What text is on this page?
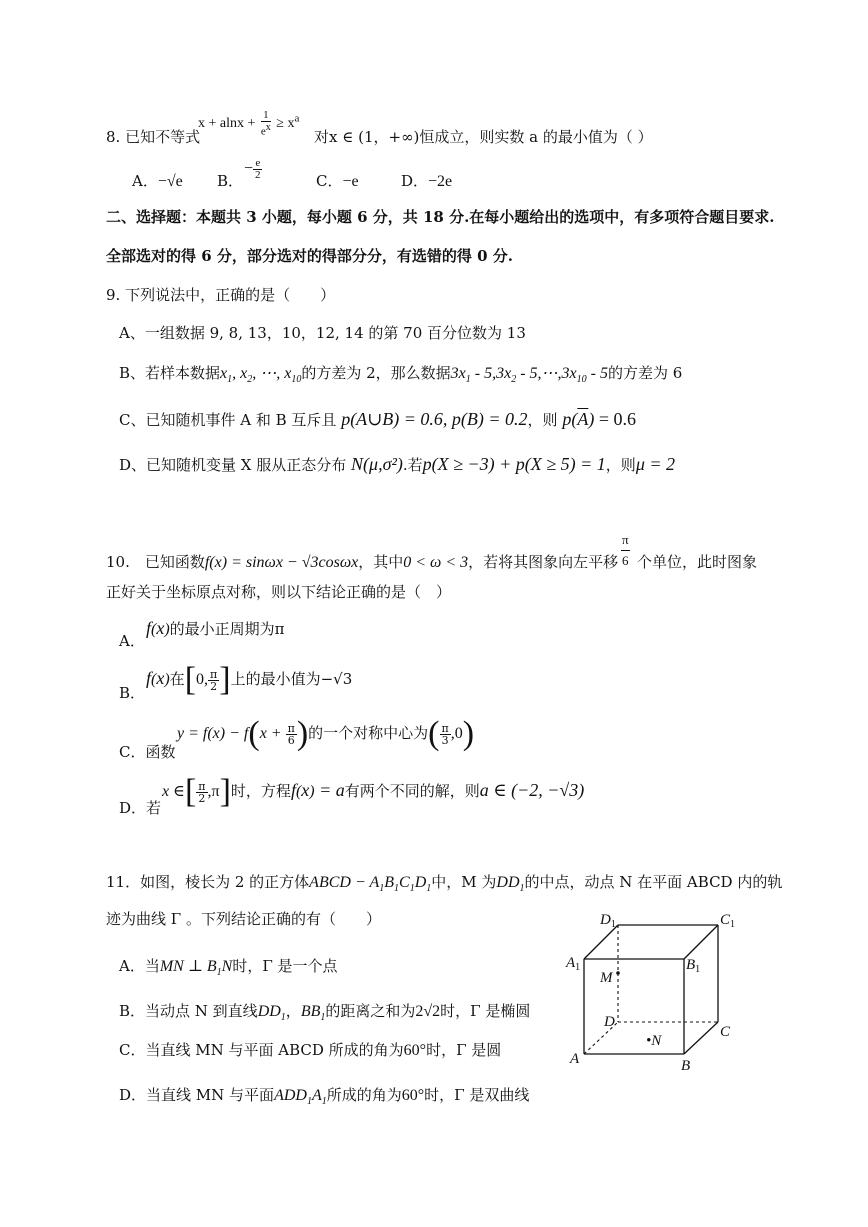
8. 已知不等式
$x + alnx + \frac{1}{e^x} \ge x^a$
对x ∈ (1，+∞)恒成立，则实数 a 的最小值为（ ）
A．−√e B．
− $\frac{e}{2}$	C．−e	D．−2e
二、选择题：本题共 3 小题，每小题 6 分，共 18 分.在每小题给出的选项中，有多项符合题目要求.
全部选对的得 6 分，部分选对的得部分分，有选错的得 0 分.
9. 下列说法中，正确的是（　　）
A、一组数据 9, 8, 13，10，12, 14 的第 70 百分位数为 13
B、若样本数据$x_1$, $x_2$, ⋯, $x_{10}$的方差为 2，那么数据$3x_1 - 5,3x_2$ - $5,\cdots,3x_{10} - 5$的方差为 6
C、已知随机事件 A 和 B 互斥且 p(A∪B) = 0.6, p(B) = 0.2，则 $p(\overline{A}) = 0.6$
D、已知随机变量 X 服从正态分布 N(μ,σ²).若p(X ≥ −3) + p(X ≥ 5) = 1，则μ = 2
10.　已知函数f(x) = sinωx − √3cosωx，其中0 < ω < 3，若将其图象向左平移
π
6 个单位，此时图象
正好关于坐标原点对称，则以下结论正确的是（　）
A．
f(x)的最小正周期为π
B．
f(x)在[0, $\frac{\pi}{2}$ ]上的最小值为−√3
C．函数
$y = f(x) - f(x + \frac{\pi}{6}$ )的一个对称中心为( $\frac{\pi}{3} ,0$)
D．若
x ∈[ $\frac{\pi}{2} ,\pi$]时，方程f(x) = a有两个不同的解，则a ∈ (−2, −√3)
11．如图，棱长为 2 的正方体ABCD − $A_1B_1C_1D_1$中，M 为$DD_1$的中点，动点 N 在平面 ABCD 内的轨
迹为曲线 Γ 。下列结论正确的有（　　）
A．当MN ⊥ $B_1N$时，Γ 是一个点
B．当动点 N 到直线$DD_1$，$BB_1$的距离之和为2√2时，Γ 是椭圆
C．当直线 MN 与平面 ABCD 所成的角为60°时，Γ 是圆
D．当直线 MN 与平面$ADD_1A_1$所成的角为60°时，Γ 是双曲线
$D_1$	$C_1$
$A_1$	$B_1$
M
D
C
•N
A	B
